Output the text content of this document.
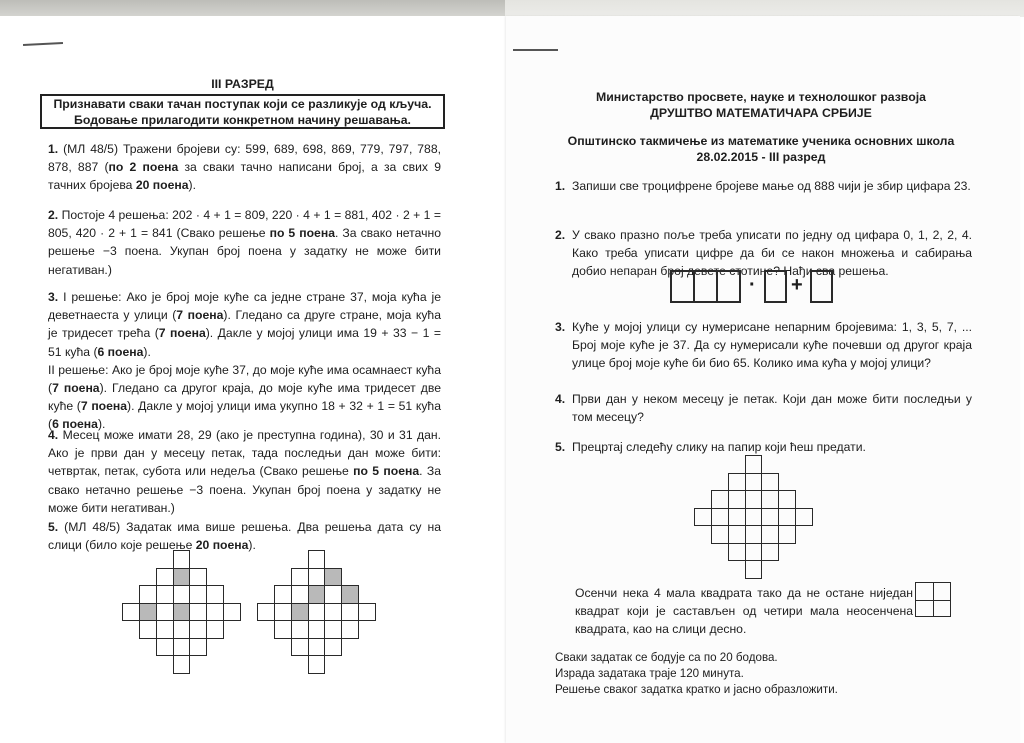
III РАЗРЕД
Признавати сваки тачан поступак који се разликује од кључа.
Бодовање прилагодити конкретном начину решавања.
1. (МЛ 48/5) Тражени бројеви су: 599, 689, 698, 869, 779, 797, 788, 878, 887 (по 2 поена за сваки тачно написани број, а за свих 9 тачних бројева 20 поена).
2. Постоје 4 решења: 202 · 4 + 1 = 809, 220 · 4 + 1 = 881, 402 · 2 + 1 = 805, 420 · 2 + 1 = 841 (Свако решење по 5 поена. За свако нетачно решење −3 поена. Укупан број поена у задатку не може бити негативан.)
3. I решење: Ако је број моје куће са једне стране 37, моја кућа је деветнаеста у улици (7 поена). Гледано са друге стране, моја кућа је тридесет трећа (7 поена). Дакле у мојој улици има 19 + 33 − 1 = 51 кућа (6 поена).
II решење: Ако је број моје куће 37, до моје куће има осамнаест кућа (7 поена). Гледано са другог краја, до моје куће има тридесет две куће (7 поена). Дакле у мојој улици има укупно 18 + 32 + 1 = 51 кућа (6 поена).
4. Месец може имати 28, 29 (ако је преступна година), 30 и 31 дан. Ако је први дан у месецу петак, тада последњи дан може бити: четвртак, петак, субота или недеља (Свако решење по 5 поена. За свако нетачно решење −3 поена. Укупан број поена у задатку не може бити негативан.)
5. (МЛ 48/5) Задатак има више решења. Два решења дата су на слици (било које решење 20 поена).
Министарство просвете, науке и технолошког развоја
ДРУШТВО МАТЕМАТИЧАРА СРБИЈЕ
Општинско такмичење из математике ученика основних школа
28.02.2015 - III разред
1. Запиши све троцифрене бројеве мање од 888 чији је збир цифара 23.
2. У свако празно поље треба уписати по једну од цифара 0, 1, 2, 2, 4. Како треба уписати цифре да би се након множења и сабирања добио непаран број девете стотине? Нађи сва решења.
· +
3. Куће у мојој улици су нумерисане непарним бројевима: 1, 3, 5, 7, ... Број моје куће је 37. Да су нумерисали куће почевши од другог краја улице број моје куће би био 65. Колико има кућа у мојој улици?
4. Први дан у неком месецу је петак. Који дан може бити последњи у том месецу?
5. Прецртај следећу слику на папир који ћеш предати.
Осенчи нека 4 мала квадрата тако да не остане ниједан квадрат који је састављен од четири мала неосенчена квадрата, као на слици десно.
Сваки задатак се бодује са по 20 бодова.
Израда задатака траје 120 минута.
Решење сваког задатка кратко и јасно образложити.
